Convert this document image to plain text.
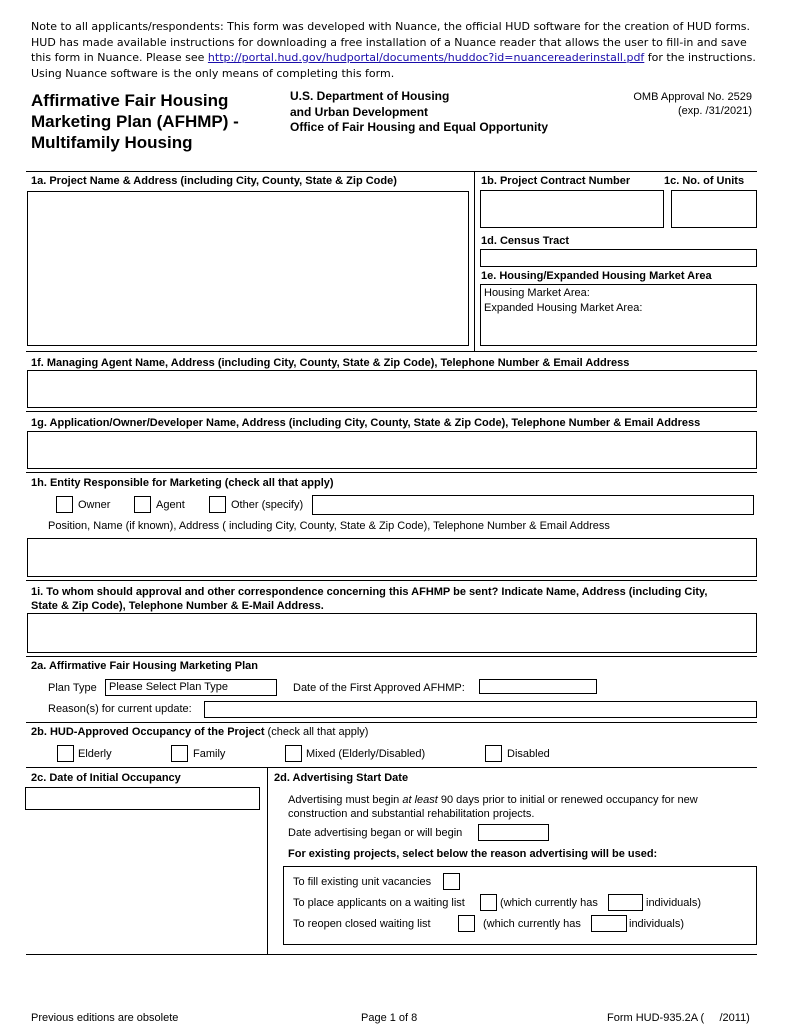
Note to all applicants/respondents: This form was developed with Nuance, the official HUD software for the creation of HUD forms. HUD has made available instructions for downloading a free installation of a Nuance reader that allows the user to fill-in and save this form in Nuance. Please see http://portal.hud.gov/hudportal/documents/huddoc?id=nuancereaderinstall.pdf for the instructions. Using Nuance software is the only means of completing this form.
Affirmative Fair Housing
Marketing Plan (AFHMP) -
Multifamily Housing
U.S. Department of Housing
and Urban Development
Office of Fair Housing and Equal Opportunity
OMB Approval No. 2529
(exp. /31/2021)
1a. Project Name & Address (including City, County, State & Zip Code)	1b. Project Contract Number	1c. No. of Units
1d. Census Tract
1e. Housing/Expanded Housing Market Area
Housing Market Area:
Expanded Housing Market Area:
1f. Managing Agent Name, Address (including City, County, State & Zip Code), Telephone Number & Email Address
1g. Application/Owner/Developer Name, Address (including City, County, State & Zip Code), Telephone Number & Email Address
1h. Entity Responsible for Marketing (check all that apply)
Owner	Agent	Other (specify)
Position, Name (if known), Address ( including City, County, State & Zip Code), Telephone Number & Email Address
1i. To whom should approval and other correspondence concerning this AFHMP be sent? Indicate Name, Address (including City,
State & Zip Code), Telephone Number & E-Mail Address.
2a. Affirmative Fair Housing Marketing Plan
Plan Type	Please Select Plan Type	Date of the First Approved AFHMP:
Reason(s) for current update:
2b. HUD-Approved Occupancy of the Project (check all that apply)
Elderly	Family	Mixed (Elderly/Disabled)	Disabled
2c. Date of Initial Occupancy	2d. Advertising Start Date
Advertising must begin at least 90 days prior to initial or renewed occupancy for new
construction and substantial rehabilitation projects.
Date advertising began or will begin
For existing projects, select below the reason advertising will be used:
To fill existing unit vacancies
To place applicants on a waiting list	(which currently has	individuals)
To reopen closed waiting list	(which currently has	individuals)
Previous editions are obsolete	Page 1 of 8	Form HUD-935.2A (     /2011)
